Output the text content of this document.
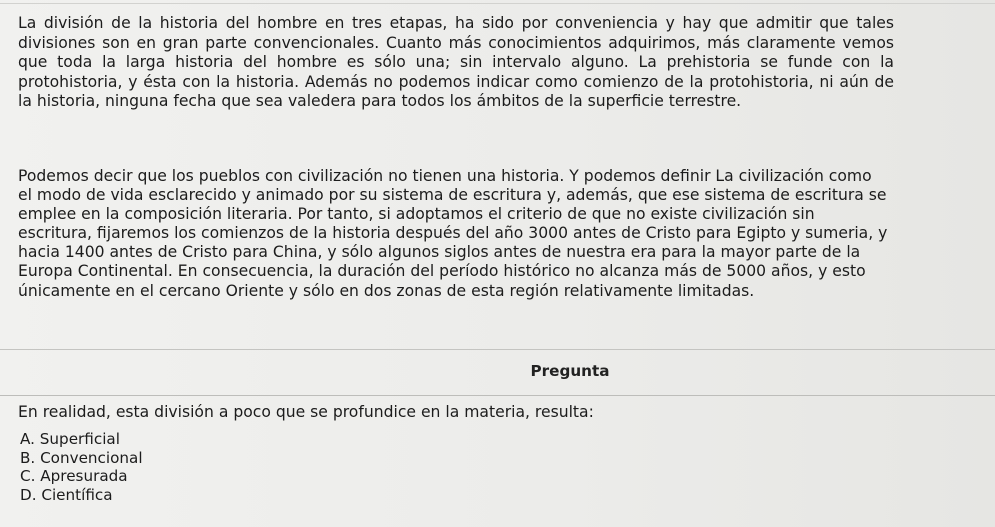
La división de la historia del hombre en tres etapas, ha sido por conveniencia y hay que admitir que tales divisiones son en gran parte convencionales. Cuanto más conocimientos adquirimos, más claramente vemos que toda la larga historia del hombre es sólo una; sin intervalo alguno. La prehistoria se funde con la protohistoria, y ésta con la historia. Además no podemos indicar como comienzo de la protohistoria, ni aún de la historia, ninguna fecha que sea valedera para todos los ámbitos de la superficie terrestre.

Podemos decir que los pueblos con civilización no tienen una historia. Y podemos definir La civilización como el modo de vida esclarecido y animado por su sistema de escritura y, además, que ese sistema de escritura se emplee en la composición literaria. Por tanto, si adoptamos el criterio de que no existe civilización sin escritura, fijaremos los comienzos de la historia después del año 3000 antes de Cristo para Egipto y sumeria, y hacia 1400 antes de Cristo para China, y sólo algunos siglos antes de nuestra era para la mayor parte de la Europa Continental. En consecuencia, la duración del período histórico no alcanza más de 5000 años, y esto únicamente en el cercano Oriente y sólo en dos zonas de esta región relativamente limitadas.

Pregunta

En realidad, esta división a poco que se profundice en la materia, resulta:

A. Superficial
B. Convencional
C. Apresurada
D. Científica
